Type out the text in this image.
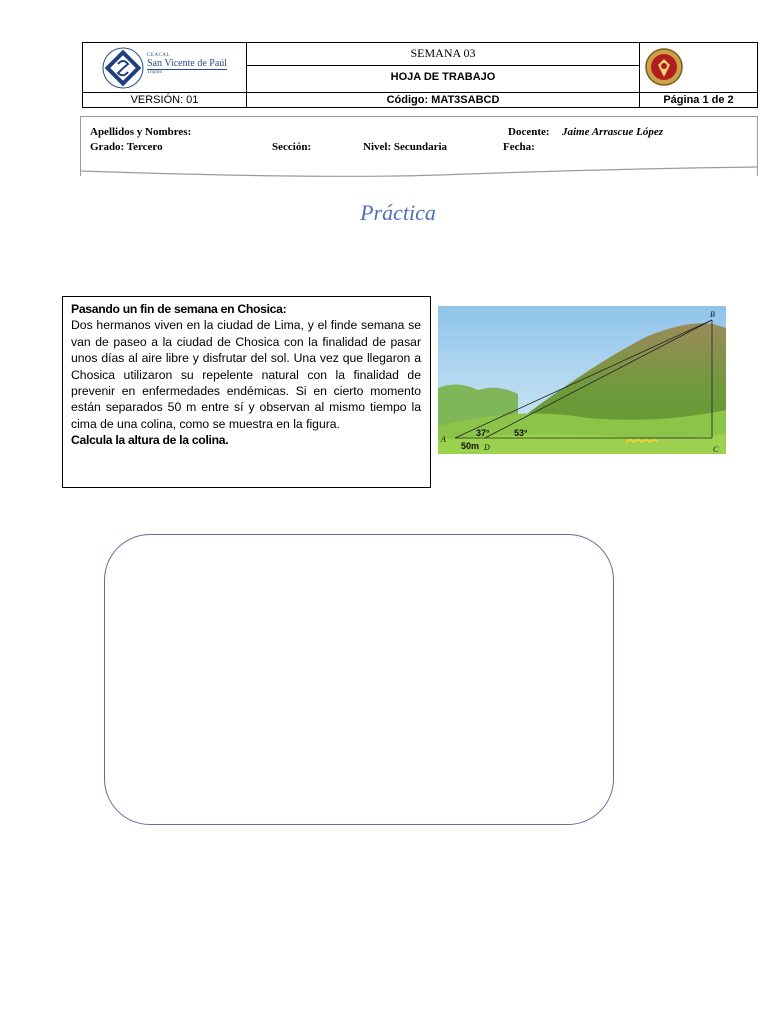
CEACAL
San Vicente de Paúl
Trujillo
SEMANA 03
HOJA DE TRABAJO
VERSIÓN: 01	Código: MAT3SABCD	Página 1 de 2
Apellidos y Nombres:	Docente: Jaime Arrascue López
Grado: Tercero	Sección:	Nivel: Secundaria	Fecha:
Práctica
Pasando un fin de semana en Chosica:
Dos hermanos viven en la ciudad de Lima, y el finde semana se van de paseo a la ciudad de Chosica con la finalidad de pasar unos días al aire libre y disfrutar del sol. Una vez que llegaron a Chosica utilizaron su repelente natural con la finalidad de prevenir en enfermedades endémicas. Si en cierto momento están separados 50 m entre sí y observan al mismo tiempo la cima de una colina, como se muestra en la figura.
Calcula la altura de la colina.
37°	53°
50m
A
D
B
C
